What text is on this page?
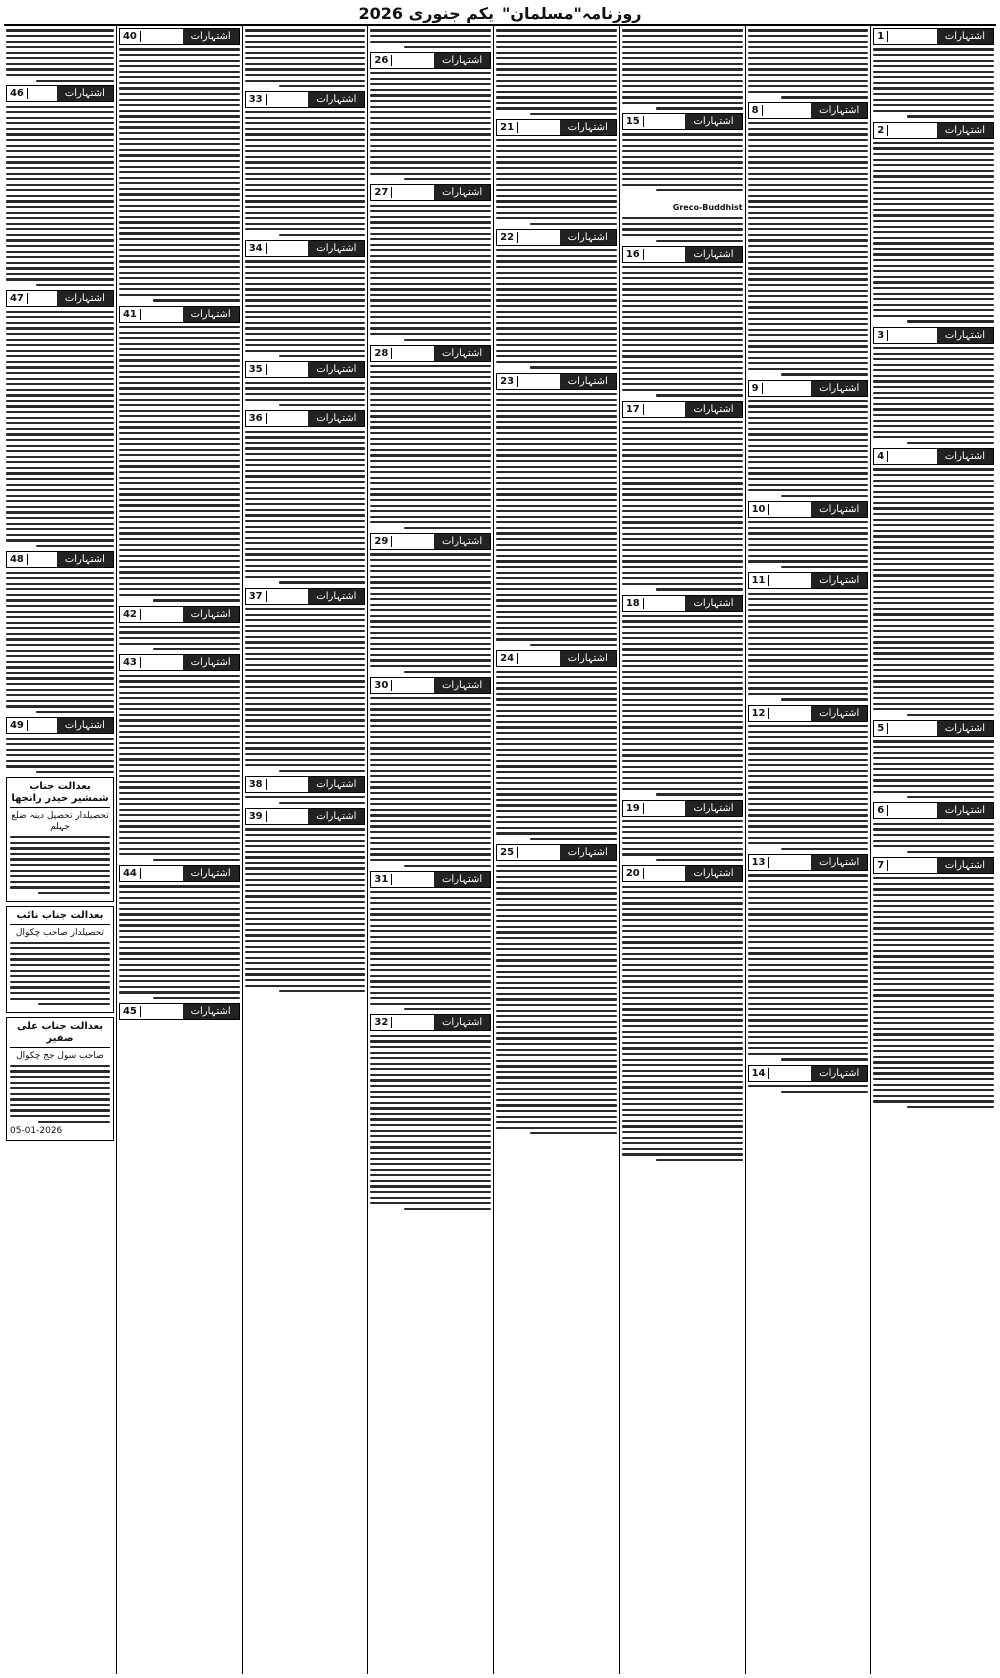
روزنامہ"مسلمان"
یکم جنوری 2026
1	اشتہارات
2	اشتہارات
3	اشتہارات
4	اشتہارات
5	اشتہارات
6	اشتہارات
7	اشتہارات
8	اشتہارات
9	اشتہارات
10	اشتہارات
11	اشتہارات
12	اشتہارات
13	اشتہارات
14	اشتہارات
15	اشتہارات
Greco-Buddhist
16	اشتہارات
17	اشتہارات
18	اشتہارات
19	اشتہارات
20	اشتہارات
21	اشتہارات
22	اشتہارات
23	اشتہارات
24	اشتہارات
25	اشتہارات
26	اشتہارات
27	اشتہارات
28	اشتہارات
29	اشتہارات
30	اشتہارات
31	اشتہارات
32	اشتہارات
33	اشتہارات
34	اشتہارات
35	اشتہارات
36	اشتہارات
37	اشتہارات
38	اشتہارات
39	اشتہارات
40	اشتہارات
41	اشتہارات
42	اشتہارات
43	اشتہارات
44	اشتہارات
45	اشتہارات
46	اشتہارات
47	اشتہارات
48	اشتہارات
49	اشتہارات
بعدالت جناب شمشیر حیدر رانجھا
تحصیلدار تحصیل دینہ ضلع جہلم
بعدالت جناب نائب
تحصیلدار صاحب چکوال
بعدالت جناب علی صفیر
صاحب سول جج چکوال
05-01-2026
